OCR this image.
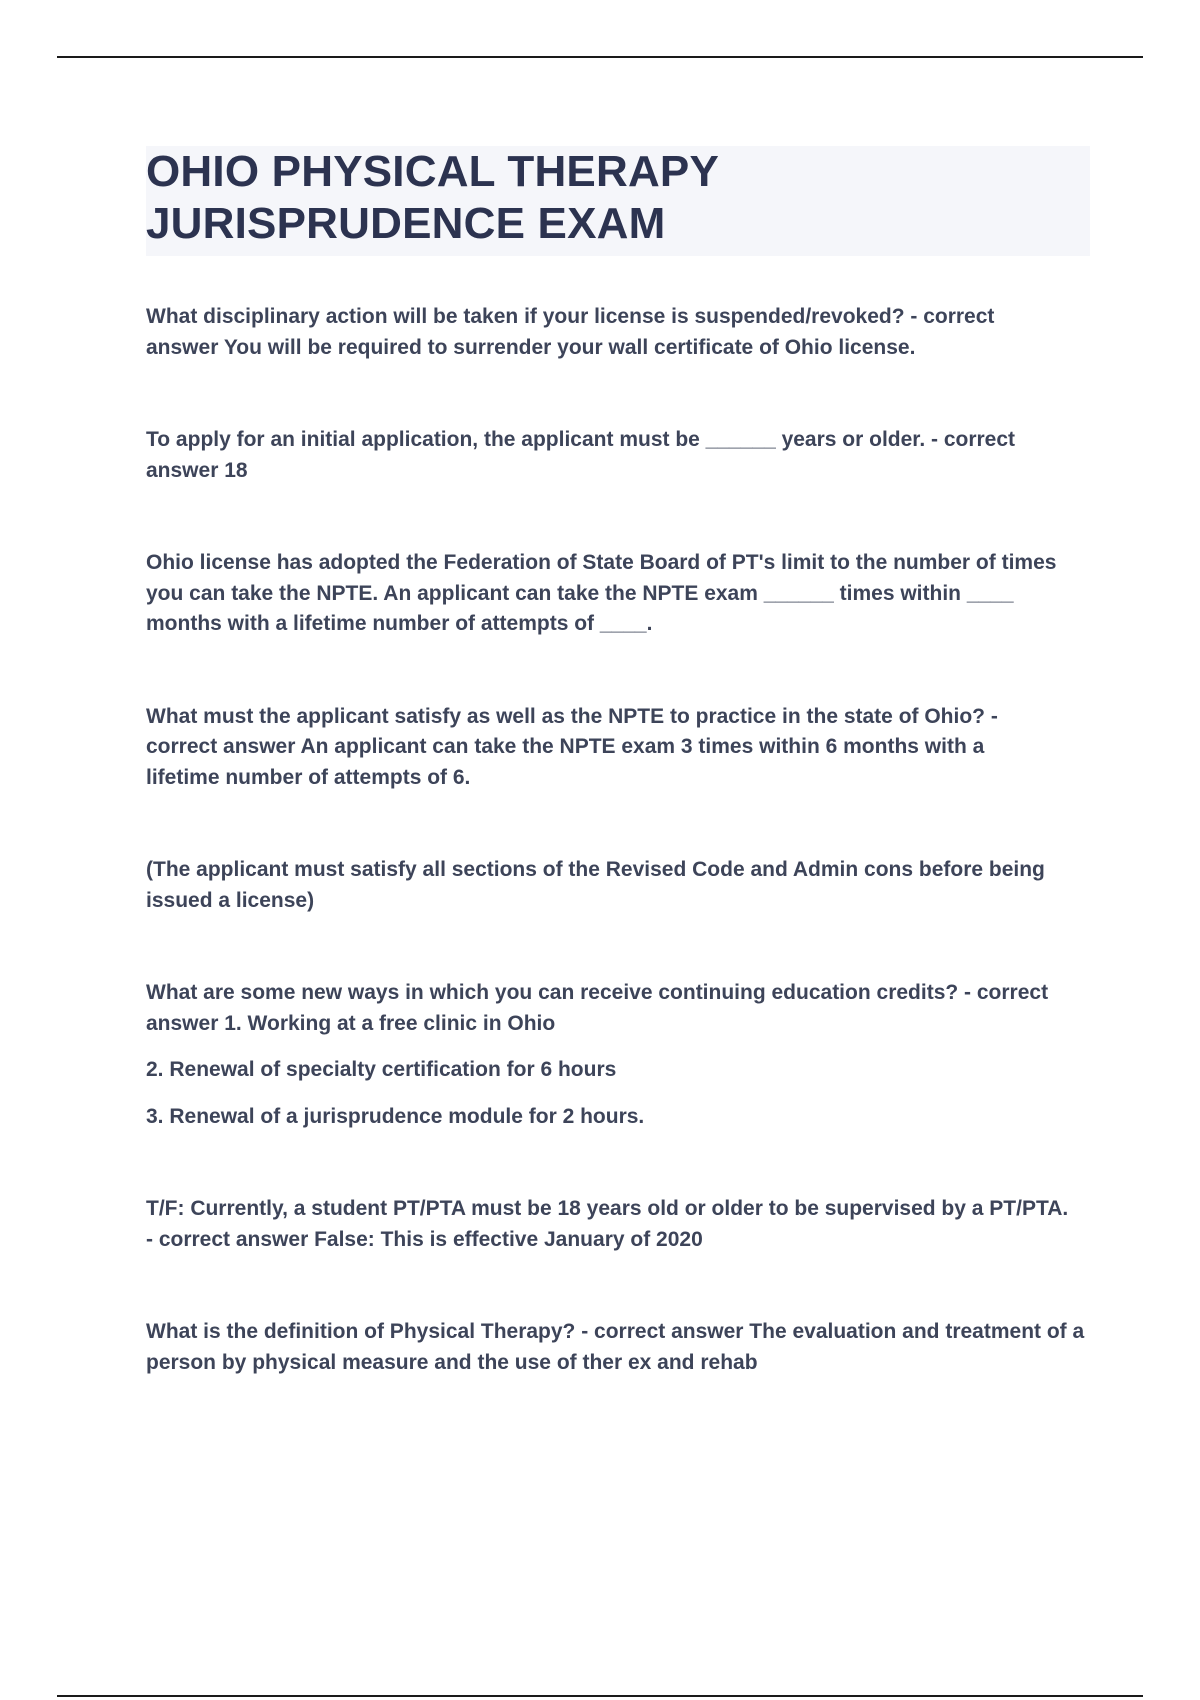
OHIO PHYSICAL THERAPY JURISPRUDENCE EXAM

What disciplinary action will be taken if your license is suspended/revoked? - correct answer You will be required to surrender your wall certificate of Ohio license.

To apply for an initial application, the applicant must be ______ years or older. - correct answer 18

Ohio license has adopted the Federation of State Board of PT's limit to the number of times you can take the NPTE. An applicant can take the NPTE exam ______ times within ____ months with a lifetime number of attempts of ____.

What must the applicant satisfy as well as the NPTE to practice in the state of Ohio? - correct answer An applicant can take the NPTE exam 3 times within 6 months with a lifetime number of attempts of 6.

(The applicant must satisfy all sections of the Revised Code and Admin cons before being issued a license)

What are some new ways in which you can receive continuing education credits? - correct answer 1. Working at a free clinic in Ohio

2. Renewal of specialty certification for 6 hours

3. Renewal of a jurisprudence module for 2 hours.

T/F: Currently, a student PT/PTA must be 18 years old or older to be supervised by a PT/PTA. - correct answer False: This is effective January of 2020

What is the definition of Physical Therapy? - correct answer The evaluation and treatment of a person by physical measure and the use of ther ex and rehab
